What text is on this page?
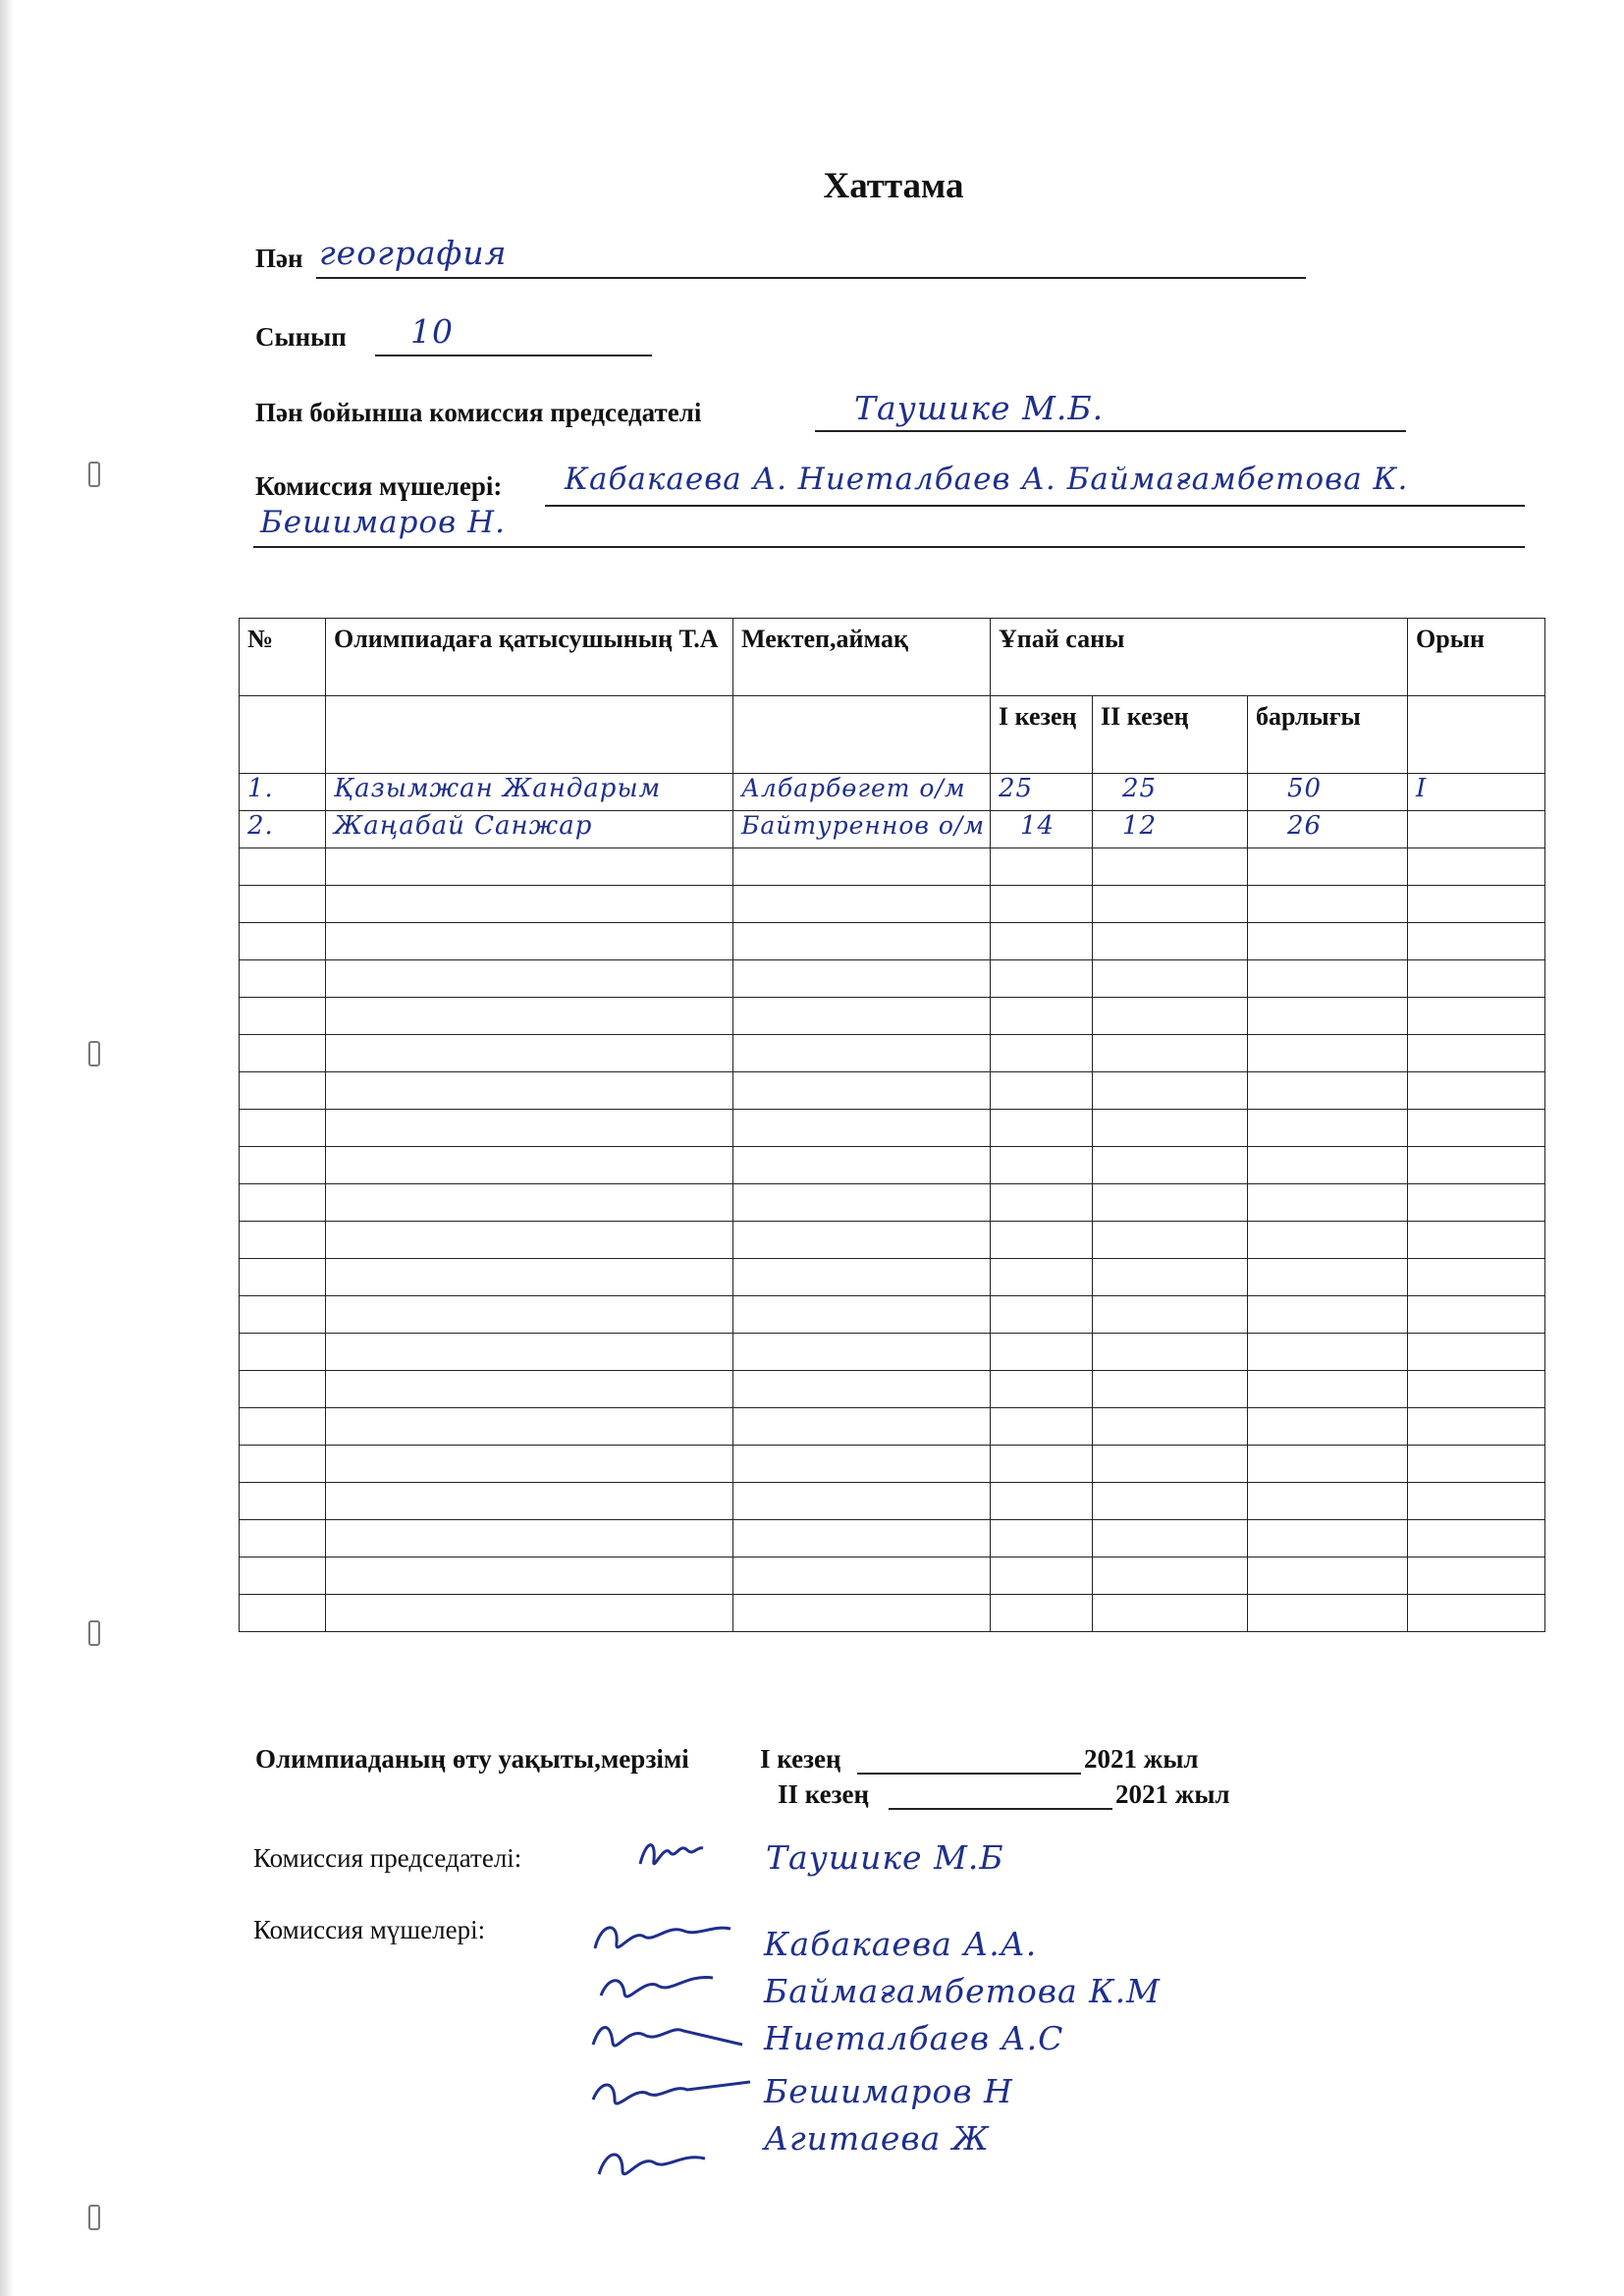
Хаттама
Пән география
Сынып 10
Пән бойынша комиссия председателі	Таушике М.Б.
Комиссия мүшелері: Кабакаева А. Ниеталбаев А. Баймағамбетова К.
Бешимаров Н.
№	Олимпиадаға қатысушының Т.А	Мектеп,аймақ	Ұпай саны			Орын
			I кезең	II кезең	барлығы	
1.	Қазымжан Жандарым	Албарбөгет о/м	25	25	50	I
2.	Жаңабай Санжар	Байтуреннов о/м	14	12	26	

Олимпиаданың өту уақыты,мерзімі	I кезең	2021 жыл
II кезең	2021 жыл
Комиссия председателі:	Таушике М.Б
Комиссия мүшелері:	Кабакаева А.А.
Баймағамбетова К.М
Ниеталбаев А.С
Бешимаров Н
Агитаева Ж
